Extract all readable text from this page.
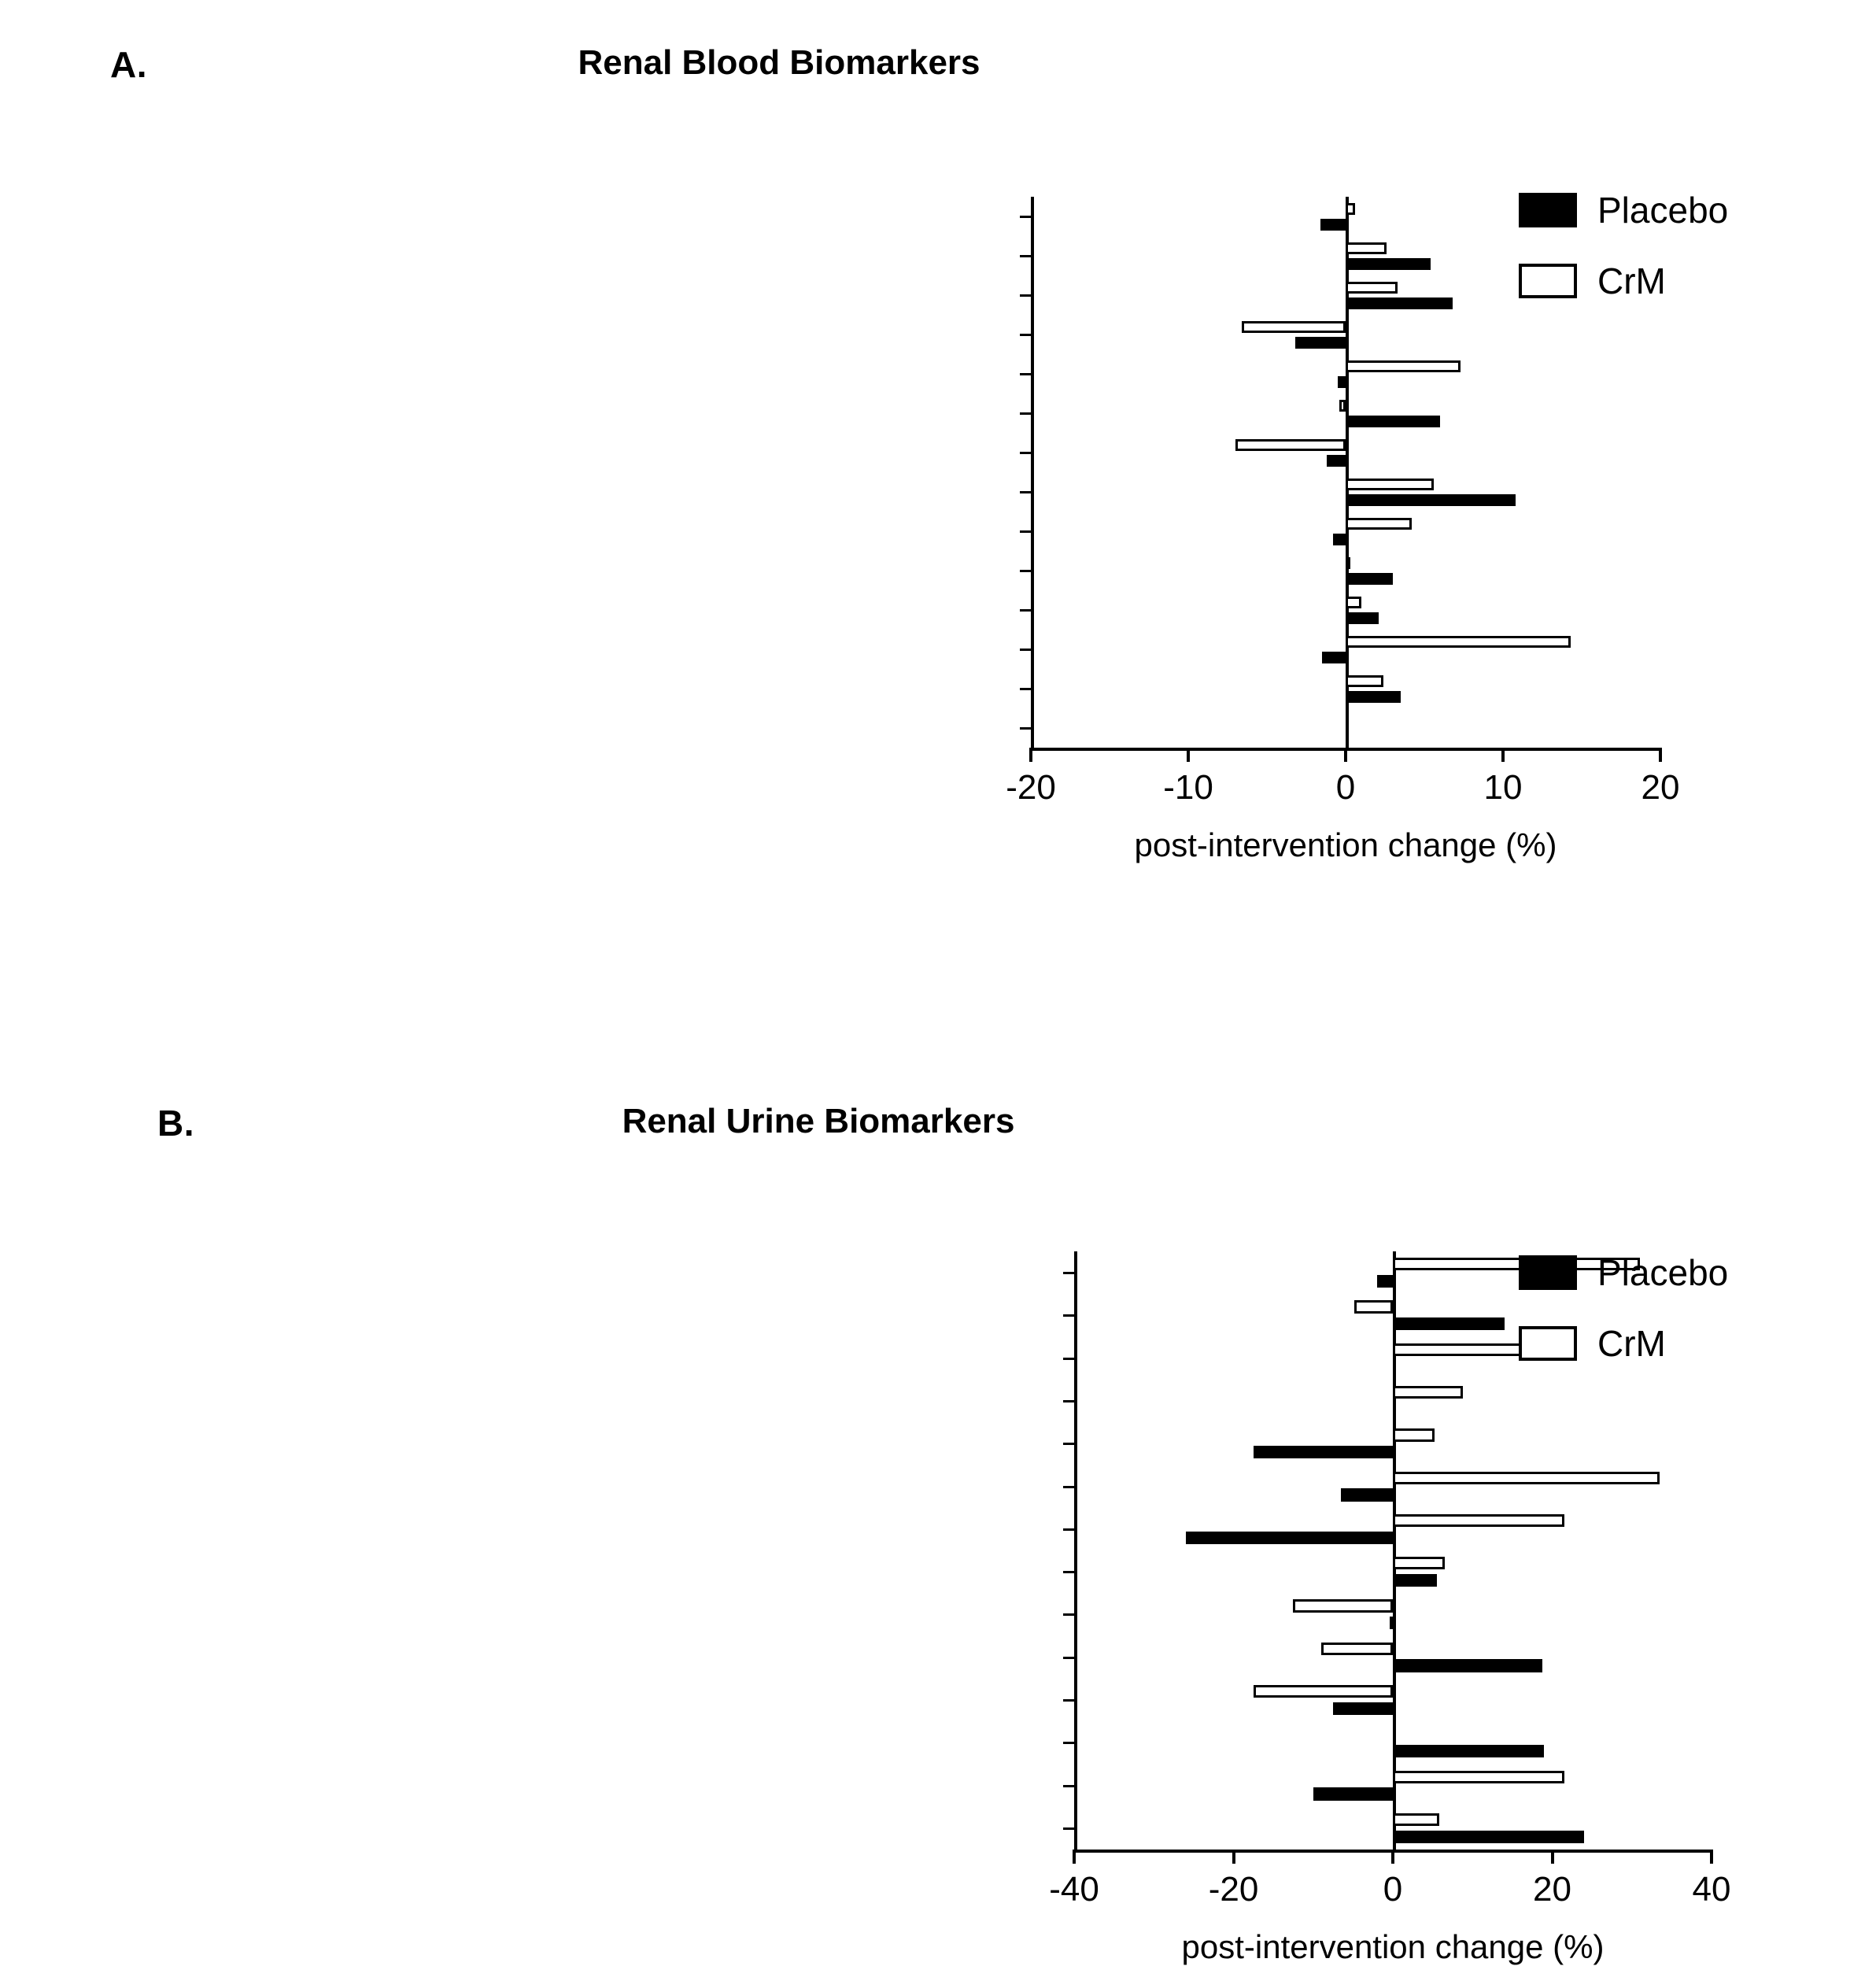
A.	Renal Blood Biomarkers
-20	-10	0	10	20
post-intervention change (%)
Placebo
CrM
B.	Renal Urine Biomarkers
-40	-20	0	20	40
post-intervention change (%)
Placebo
CrM
